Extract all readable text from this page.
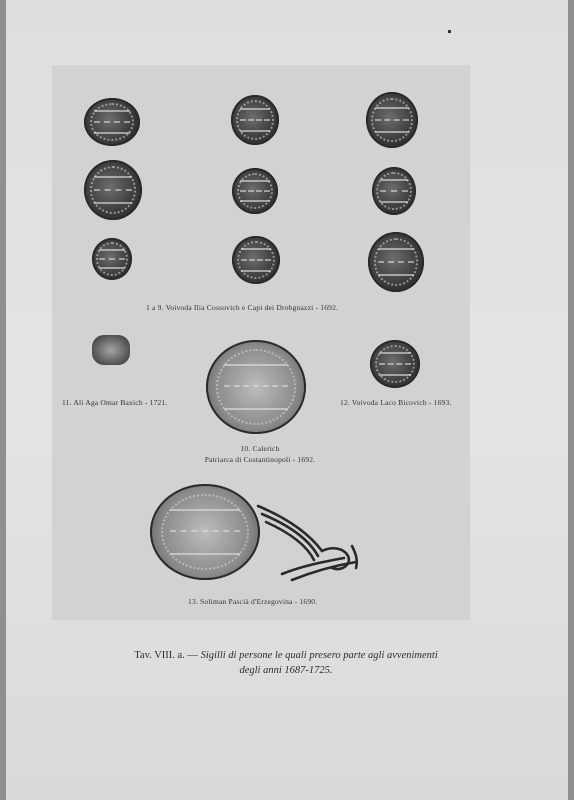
1 a 9. Voivoda Ilia Cossovich e Capi dei Drobgnazzi - 1692.
11. Ali Aga Omar Baxich - 1721.	12. Voivoda Laco Bicovich - 1693.
10. Calerich
Patriarca di Costantinopoli - 1692.
13. Soliman Pascià d'Erzegovina - 1690.
Tav. VIII. a. — Sigilli di persone le quali presero parte agli avvenimenti
degli anni 1687-1725.
